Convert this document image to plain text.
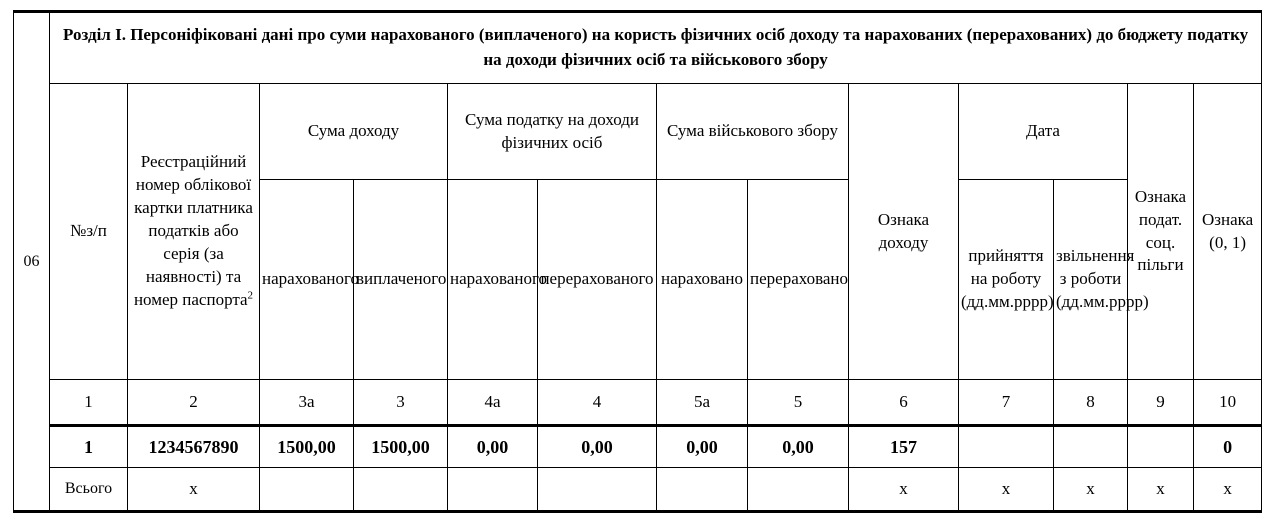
06	Розділ І. Персоніфіковані дані про суми нарахованого (виплаченого) на користь фізичних осіб доходу та нарахованих (перерахованих) до бюджету податку на доходи фізичних осіб та військового збору												
	№з/п	Реєстраційний номер облікової картки платника податків або серія (за наявності) та номер паспорта$^2$	Сума доходу		Сума податку на доходи фізичних осіб		Сума військового збору		Ознака доходу	Дата		Ознака подат. соц. пільги	Ознака (0, 1)
			нарахованого	виплаченого	нарахованого	перерахованого	нараховано	перераховано		прийняття на роботу (дд.мм.рррр)	звільнення з роботи (дд.мм.рррр)		
	1	2	3а	3	4а	4	5а	5	6	7	8	9	10
	1	1234567890	1500,00	1500,00	0,00	0,00	0,00	0,00	157				0
	Всього	x							x	x	x	x	x
